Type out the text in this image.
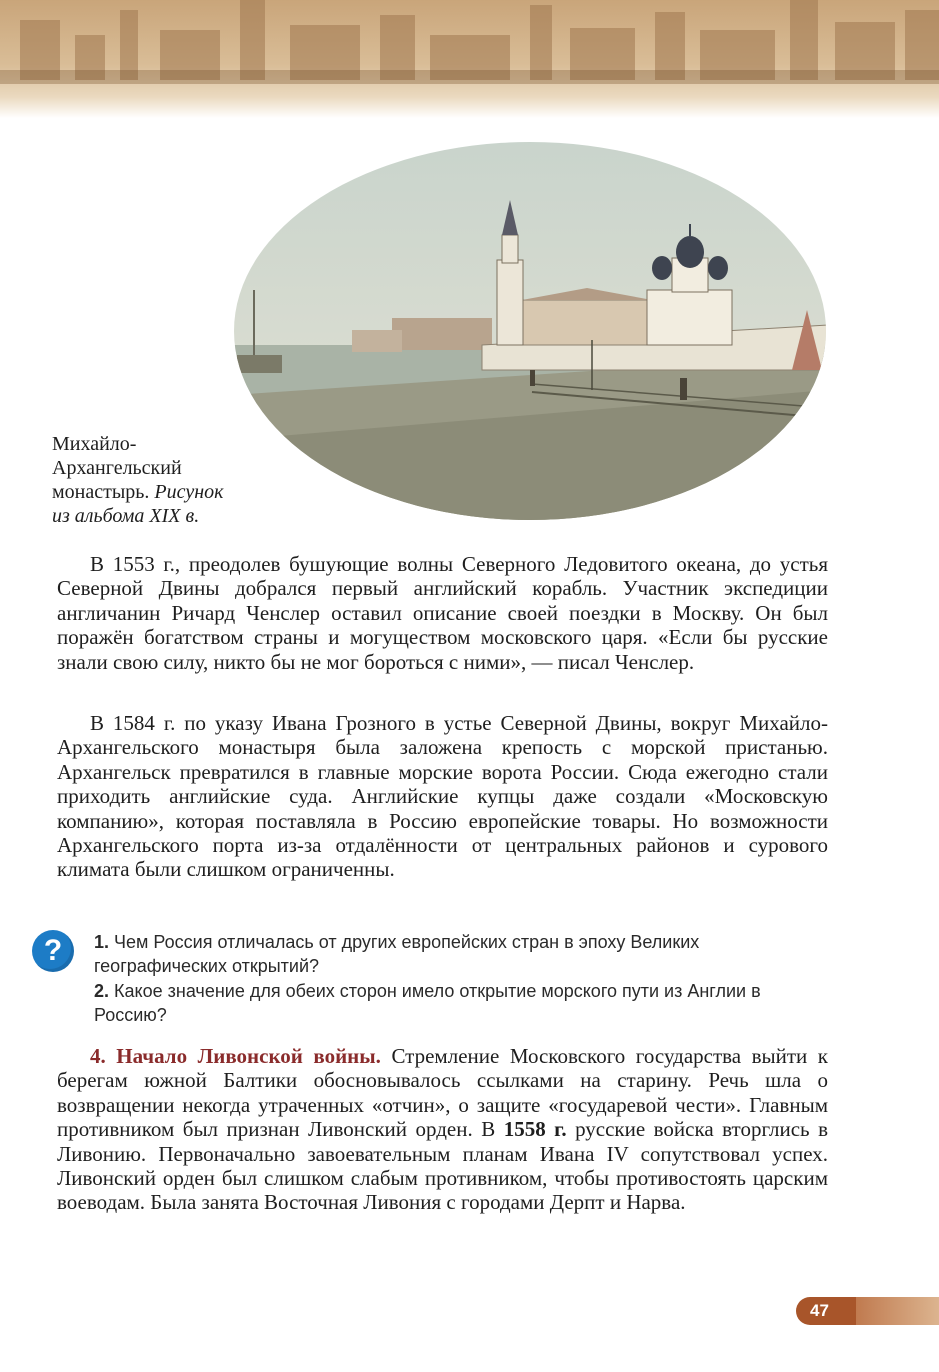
Михайло-
Архангельский
монастырь. Рисунок
из альбома XIX в.

В 1553 г., преодолев бушующие волны Северного Ледовитого океана, до устья Северной Двины добрался первый английский корабль. Участник экспедиции англичанин Ричард Ченслер оставил описание своей поездки в Москву. Он был поражён богатством страны и могуществом московского царя. «Если бы русские знали свою силу, никто бы не мог бороться с ними», — писал Ченслер.

В 1584 г. по указу Ивана Грозного в устье Северной Двины, вокруг Михайло-Архангельского монастыря была заложена крепость с морской пристанью. Архангельск превратился в главные морские ворота России. Сюда ежегодно стали приходить английские суда. Английские купцы даже создали «Московскую компанию», которая поставляла в Россию европейские товары. Но возможности Архангельского порта из-за отдалённости от центральных районов и сурового климата были слишком ограниченны.

?	1. Чем Россия отличалась от других европейских стран в эпоху Великих географических открытий?
2. Какое значение для обеих сторон имело открытие морского пути из Англии в Россию?

4. Начало Ливонской войны. Стремление Московского государства выйти к берегам южной Балтики обосновывалось ссылками на старину. Речь шла о возвращении некогда утраченных «отчин», о защите «государевой чести». Главным противником был признан Ливонский орден. В 1558 г. русские войска вторглись в Ливонию. Первоначально завоевательным планам Ивана IV сопутствовал успех. Ливонский орден был слишком слабым противником, чтобы противостоять царским воеводам. Была занята Восточная Ливония с городами Дерпт и Нарва.

47
